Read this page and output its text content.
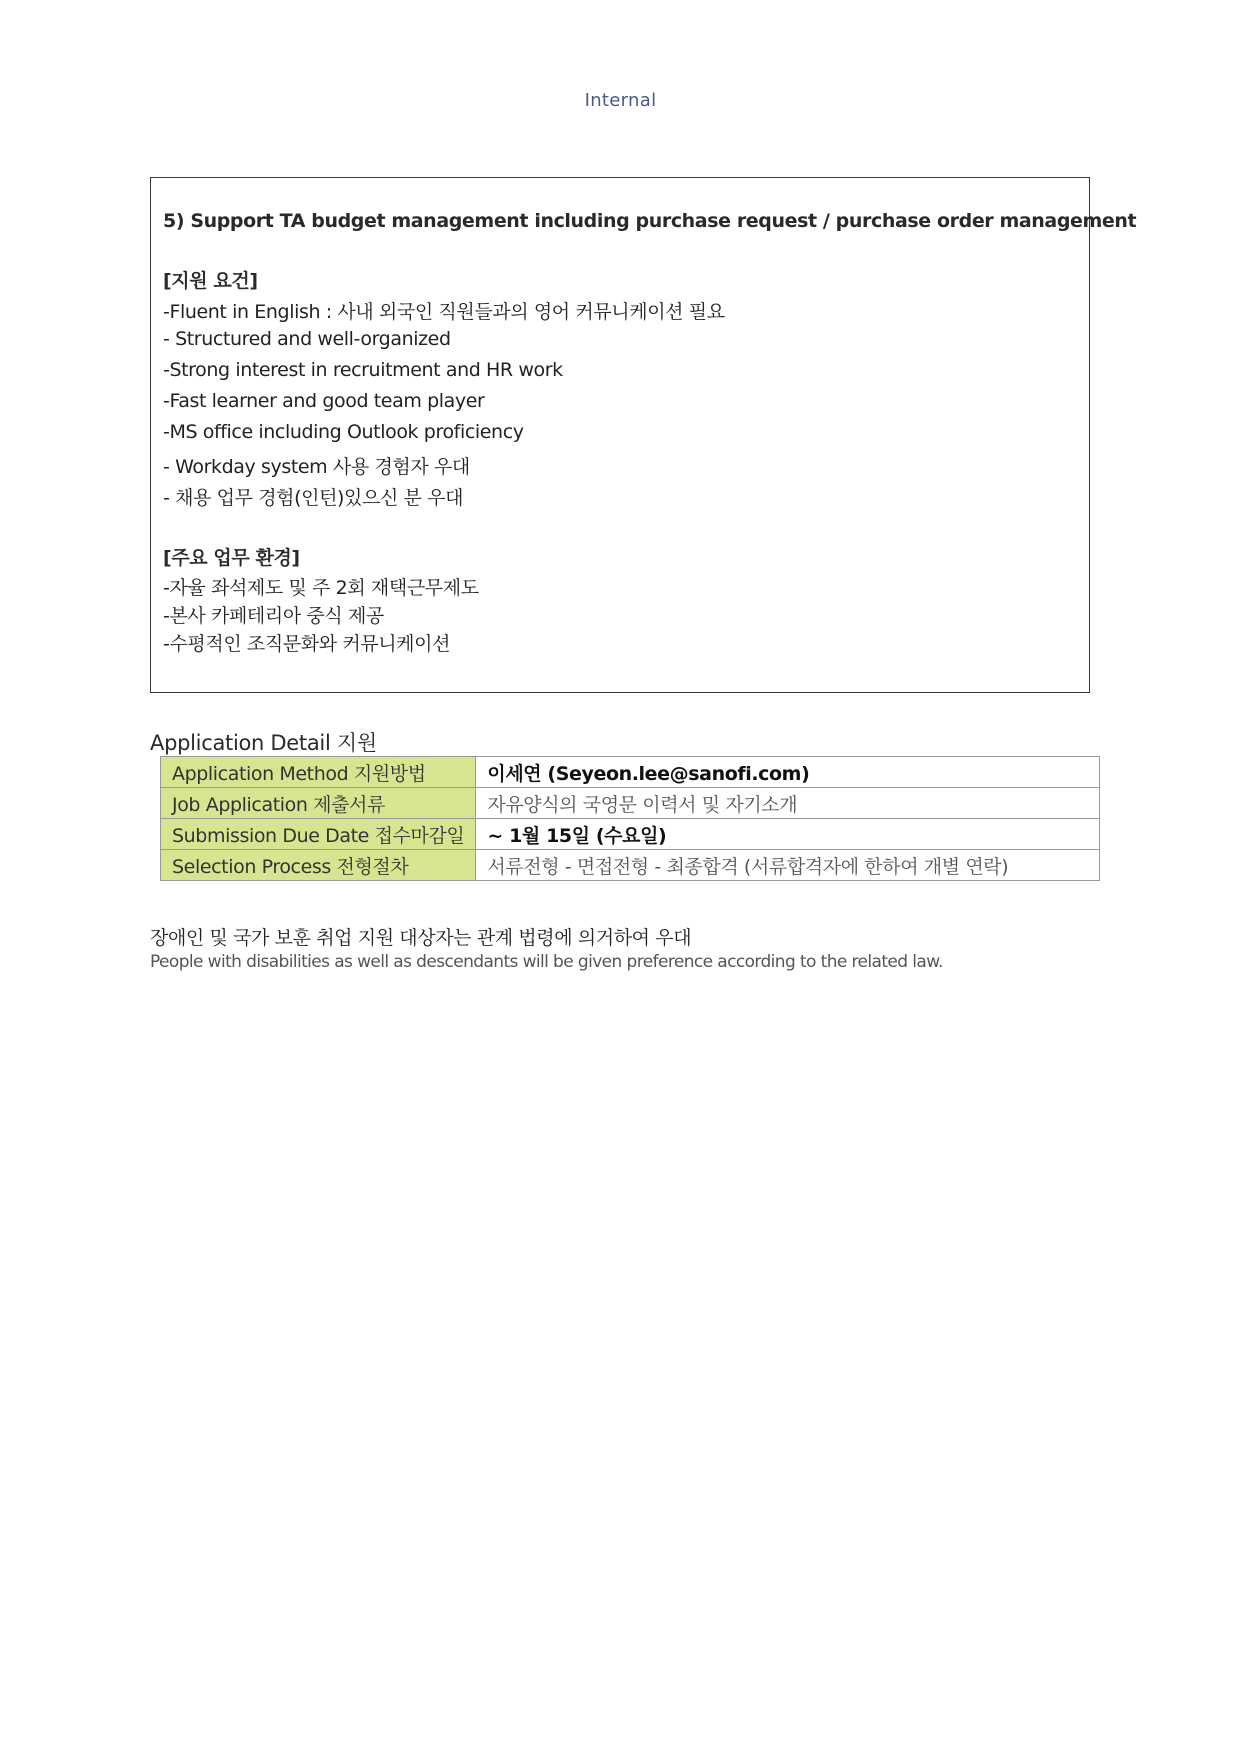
Internal
5) Support TA budget management including purchase request / purchase order management
[지원 요건]
-Fluent in English : 사내 외국인 직원들과의 영어 커뮤니케이션 필요
- Structured and well-organized
-Strong interest in recruitment and HR work
-Fast learner and good team player
-MS office including Outlook proficiency
- Workday system 사용 경험자 우대
- 채용 업무 경험(인턴)있으신 분 우대
[주요 업무 환경]
-자율 좌석제도 및 주 2회 재택근무제도
-본사 카페테리아 중식 제공
-수평적인 조직문화와 커뮤니케이션
Application Detail 지원
Application Method 지원방법	이세연 (Seyeon.lee@sanofi.com)
Job Application 제출서류	자유양식의 국영문 이력서 및 자기소개
Submission Due Date 접수마감일	~ 1월 15일 (수요일)
Selection Process 전형절차	서류전형 - 면접전형 - 최종합격 (서류합격자에 한하여 개별 연락)
장애인 및 국가 보훈 취업 지원 대상자는 관계 법령에 의거하여 우대
People with disabilities as well as descendants will be given preference according to the related law.
